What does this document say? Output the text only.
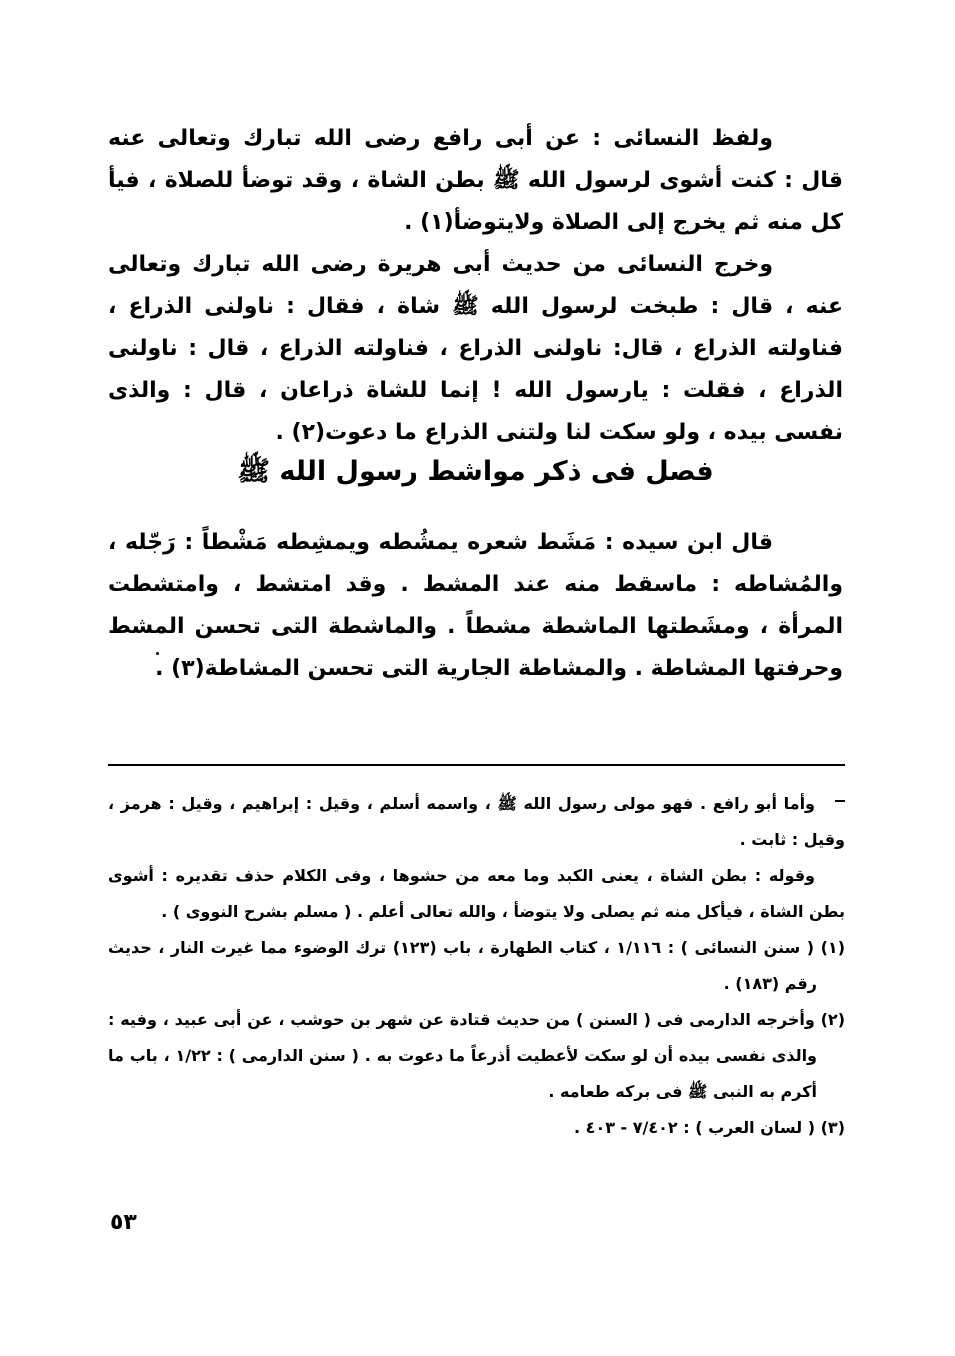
ولفظ النسائى : عن أبى رافع رضى الله تبارك وتعالى عنه قال : كنت أشوى لرسول الله ﷺ بطن الشاة ، وقد توضأ للصلاة ، فيأ كل منه ثم يخرج إلى الصلاة ولايتوضأ(١) .

وخرج النسائى من حديث أبى هريرة رضى الله تبارك وتعالى عنه ، قال : طبخت لرسول الله ﷺ شاة ، فقال : ناولنى الذراع ، فناولته الذراع ، قال: ناولنى الذراع ، فناولته الذراع ، قال : ناولنى الذراع ، فقلت : يارسول الله ! إنما للشاة ذراعان ، قال : والذى نفسى بيده ، ولو سكت لنا ولتنى الذراع ما دعوت(٢) .

فصل فى ذكر مواشط رسول الله ﷺ

قال ابن سيده : مَشَط شعره يمشُطه ويمشِطه مَشْطاً : رَجّله ، والمُشاطه : ماسقط منه عند المشط . وقد امتشط ، وامتشطت المرأة ، ومشَطتها الماشطة مشطاً . والماشطة التى تحسن المشط وحرفتها المشاطة . والمشاطة الجارية التى تحسن المشاطة(٣) .

وأما أبو رافع . فهو مولى رسول الله ﷺ ، واسمه أسلم ، وقيل : إبراهيم ، وقيل : هرمز ، وقيل : ثابت .

وقوله : بطن الشاة ، يعنى الكبد وما معه من حشوها ، وفى الكلام حذف تقديره : أشوى بطن الشاة ، فيأكل منه ثم يصلى ولا يتوضأ ، والله تعالى أعلم . ( مسلم بشرح النووى ) .

(١) ( سنن النسائى ) : ١/١١٦ ، كتاب الطهارة ، باب (١٢٣) ترك الوضوء مما غيرت النار ، حديث رقم (١٨٣) .

(٢) وأخرجه الدارمى فى ( السنن ) من حديث قتادة عن شهر بن حوشب ، عن أبى عبيد ، وفيه : والذى نفسى بيده أن لو سكت لأعطيت أذرعاً ما دعوت به . ( سنن الدارمى ) : ١/٢٢ ، باب ما أكرم به النبى ﷺ فى بركه طعامه .

(٣) ( لسان العرب ) : ٧/٤٠٢ - ٤٠٣ .

٥٣
